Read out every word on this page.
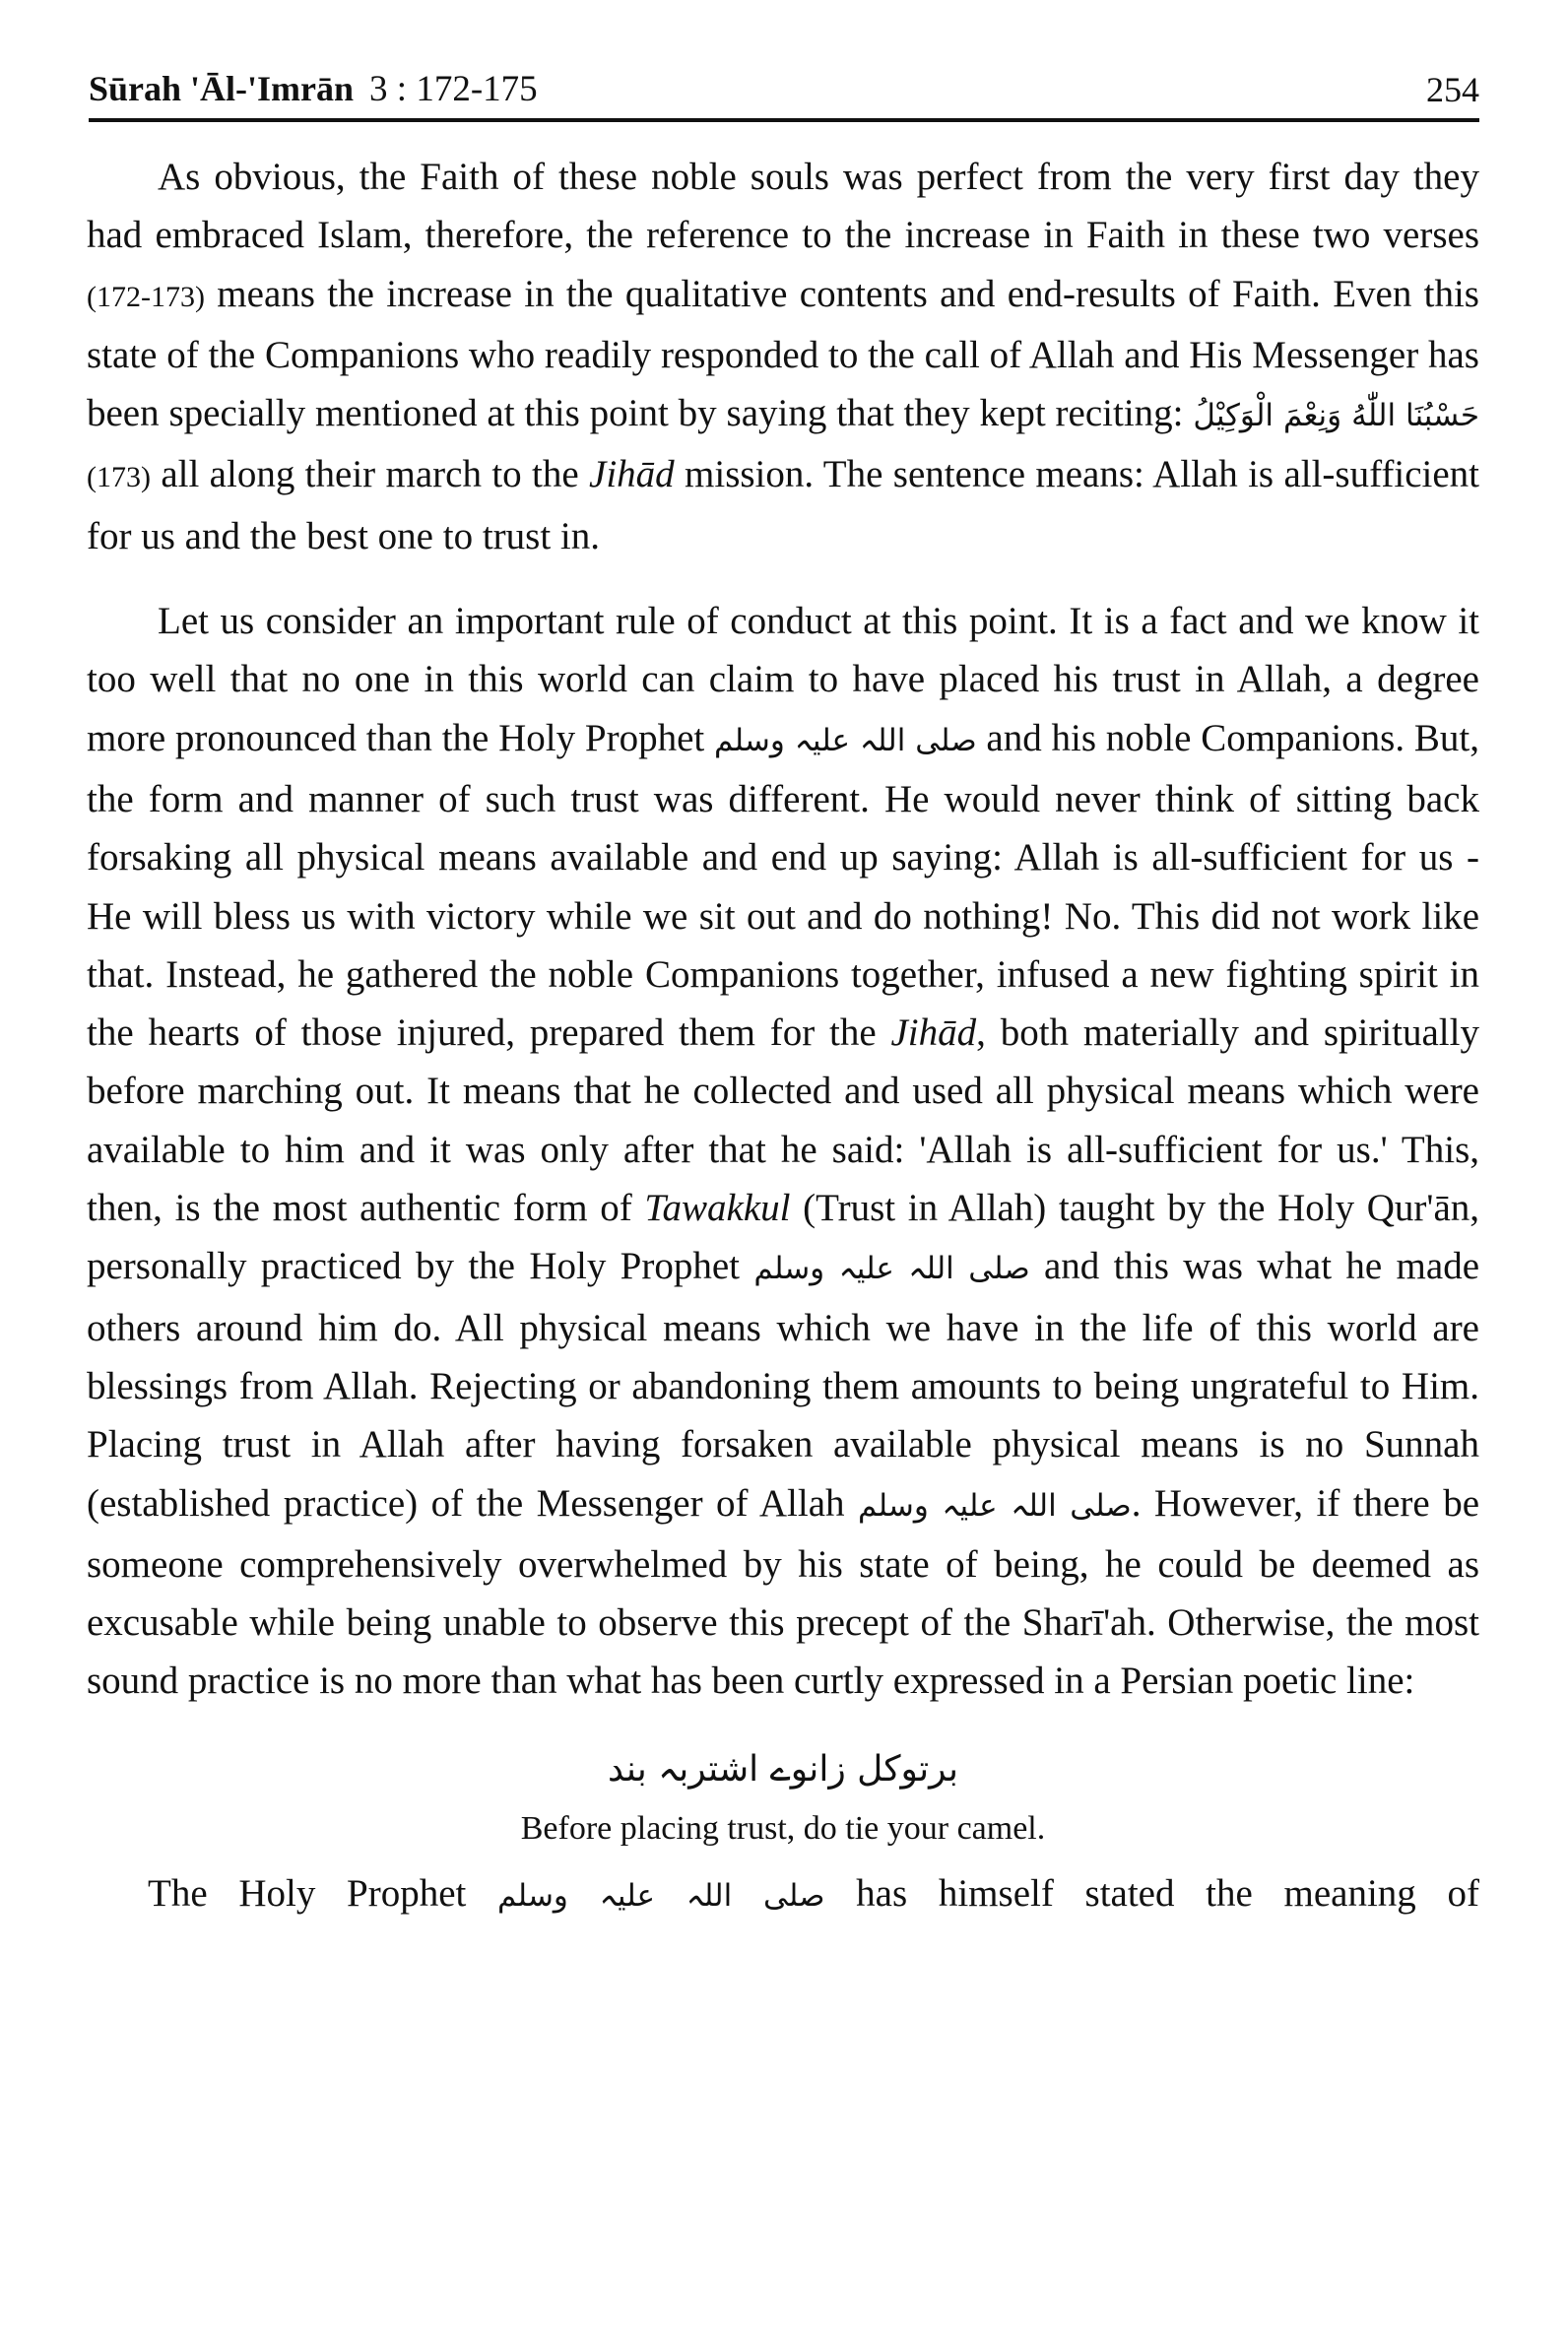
Sūrah 'Āl-'Imrān 3 : 172-175	254

As obvious, the Faith of these noble souls was perfect from the very first day they had embraced Islam, therefore, the reference to the increase in Faith in these two verses (172-173) means the increase in the qualitative contents and end-results of Faith. Even this state of the Companions who readily responded to the call of Allah and His Messenger has been specially mentioned at this point by saying that they kept reciting: حَسْبُنَا اللّٰهُ وَنِعْمَ الْوَكِيْلُ (173) all along their march to the Jihād mission. The sentence means: Allah is all-sufficient for us and the best one to trust in.

Let us consider an important rule of conduct at this point. It is a fact and we know it too well that no one in this world can claim to have placed his trust in Allah, a degree more pronounced than the Holy Prophet صلی اللہ علیہ وسلم and his noble Companions. But, the form and manner of such trust was different. He would never think of sitting back forsaking all physical means available and end up saying: Allah is all-sufficient for us - He will bless us with victory while we sit out and do nothing! No. This did not work like that. Instead, he gathered the noble Companions together, infused a new fighting spirit in the hearts of those injured, prepared them for the Jihād, both materially and spiritually before marching out. It means that he collected and used all physical means which were available to him and it was only after that he said: 'Allah is all-sufficient for us.' This, then, is the most authentic form of Tawakkul (Trust in Allah) taught by the Holy Qur'ān, personally practiced by the Holy Prophet صلی اللہ علیہ وسلم and this was what he made others around him do. All physical means which we have in the life of this world are blessings from Allah. Rejecting or abandoning them amounts to being ungrateful to Him. Placing trust in Allah after having forsaken available physical means is no Sunnah (established practice) of the Messenger of Allah صلی اللہ علیہ وسلم. However, if there be someone comprehensively overwhelmed by his state of being, he could be deemed as excusable while being unable to observe this precept of the Sharī'ah. Otherwise, the most sound practice is no more than what has been curtly expressed in a Persian poetic line:

برتوکل زانوے اشتربہ بند
Before placing trust, do tie your camel.
The Holy Prophet صلی اللہ علیہ وسلم has himself stated the meaning of
